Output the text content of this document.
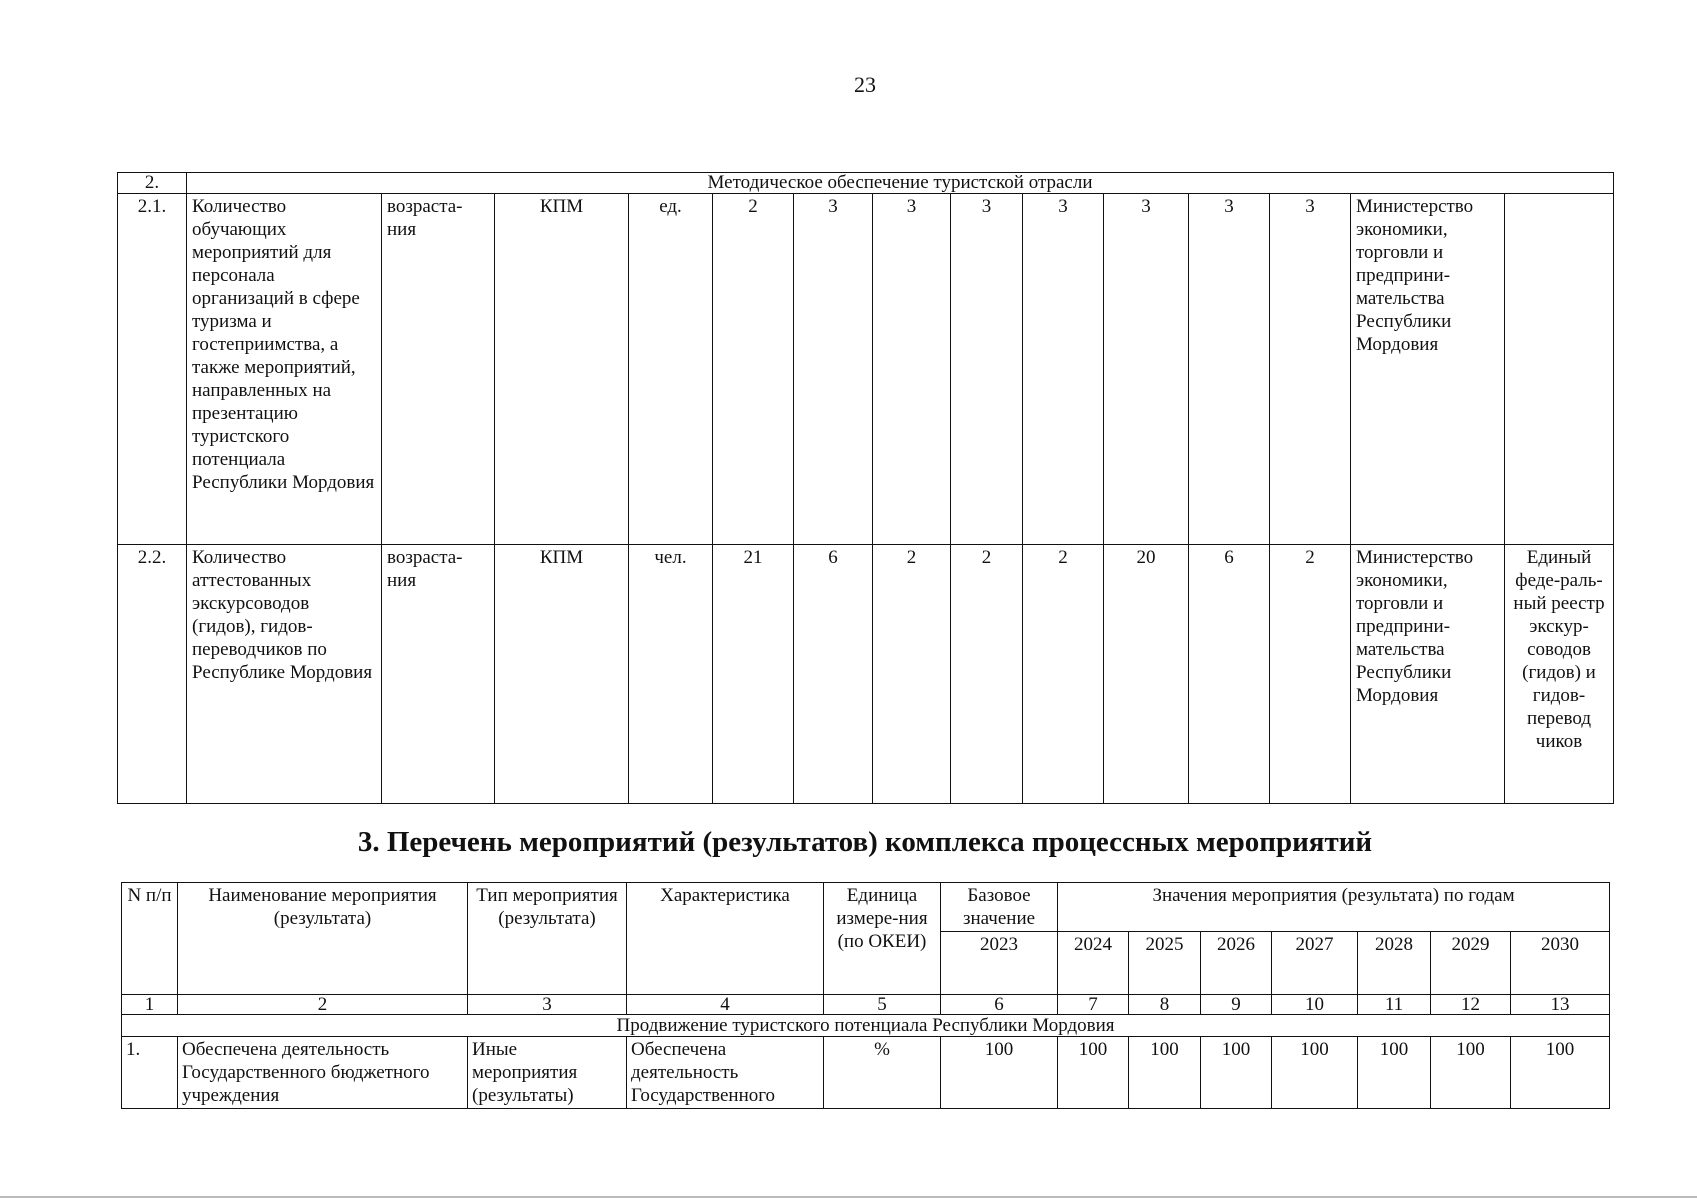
23
2.	Методическое обеспечение туристской отрасли													
2.1.	Количество обучающих мероприятий для персонала организаций в сфере туризма и гостеприимства, а также мероприятий, направленных на презентацию туристского потенциала Республики Мордовия	возраста-ния	КПМ	ед.	2	3	3	3	3	3	3	3	Министерство экономики, торговли и предприни-мательства Республики Мордовия	
2.2.	Количество аттестованных экскурсоводов (гидов), гидов-переводчиков по Республике Мордовия	возраста-ния	КПМ	чел.	21	6	2	2	2	20	6	2	Министерство экономики, торговли и предприни-мательства Республики Мордовия	Единый феде-раль-ный реестр экскур-соводов (гидов) и гидов-перевод чиков
3. Перечень мероприятий (результатов) комплекса процессных мероприятий
N п/п	Наименование мероприятия (результата)	Тип мероприятия (результата)	Характеристика	Единица измере-ния (по ОКЕИ)	Базовое значение	Значения мероприятия (результата) по годам						
					2023	2024	2025	2026	2027	2028	2029	2030
1	2	3	4	5	6	7	8	9	10	11	12	13
Продвижение туристского потенциала Республики Мордовия												
1.	Обеспечена деятельность Государственного бюджетного учреждения	Иные мероприятия (результаты)	Обеспечена деятельность Государственного	%	100	100	100	100	100	100	100	100
